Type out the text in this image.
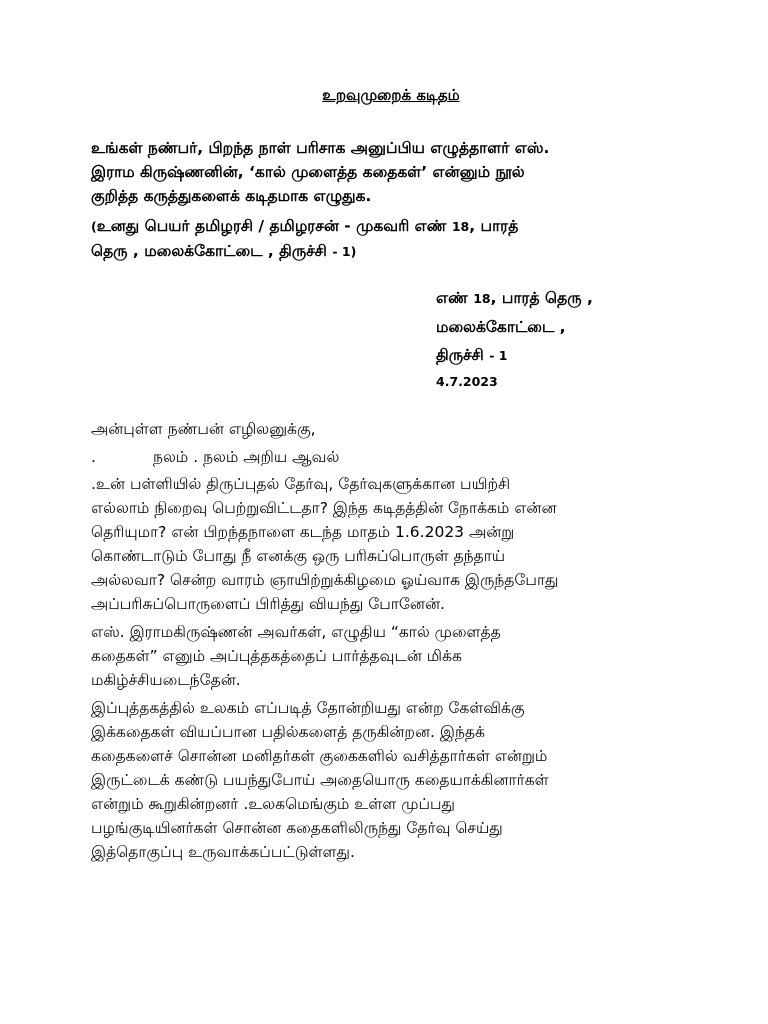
உறவுமுறைக் கடிதம்
உங்கள் நண்பர், பிறந்த நாள் பரிசாக அனுப்பிய எழுத்தாளர் எஸ்.
இராம கிருஷ்ணனின், ‘கால் முளைத்த கதைகள்’ என்னும் நூல்
குறித்த கருத்துகளைக் கடிதமாக எழுதுக.
(உனது பெயர் தமிழரசி / தமிழரசன் - முகவரி எண் 18, பாரத்
தெரு , மலைக்கோட்டை , திருச்சி - 1)
எண் 18, பாரத் தெரு ,
மலைக்கோட்டை ,
திருச்சி - 1
4.7.2023
அன்புள்ள நண்பன் எழிலனுக்கு,
.	நலம் . நலம் அறிய ஆவல்
.உன் பள்ளியில் திருப்புதல் தேர்வு, தேர்வுகளுக்கான பயிற்சி
எல்லாம் நிறைவு பெற்றுவிட்டதா? இந்த கடிதத்தின் நோக்கம் என்ன
தெரியுமா? என் பிறந்தநாளை கடந்த மாதம் 1.6.2023 அன்று
கொண்டாடும் போது நீ எனக்கு ஒரு பரிசுப்பொருள் தந்தாய்
அல்லவா? சென்ற வாரம் ஞாயிற்றுக்கிழமை ஓய்வாக இருந்தபோது
அப்பரிசுப்பொருளைப் பிரித்து வியந்து போனேன்.
எஸ். இராமகிருஷ்ணன் அவர்கள், எழுதிய “கால் முளைத்த
கதைகள்” எனும் அப்புத்தகத்தைப் பார்த்தவுடன் மிக்க
மகிழ்ச்சியடைந்தேன்.
இப்புத்தகத்தில் உலகம் எப்படித் தோன்றியது என்ற கேள்விக்கு
இக்கதைகள் வியப்பான பதில்களைத் தருகின்றன. இந்தக்
கதைகளைச் சொன்ன மனிதர்கள் குகைகளில் வசித்தார்கள் என்றும்
இருட்டைக் கண்டு பயந்துபோய் அதையொரு கதையாக்கினார்கள்
என்றும் கூறுகின்றனர் .உலகமெங்கும் உள்ள முப்பது
பழங்குடியினர்கள் சொன்ன கதைகளிலிருந்து தேர்வு செய்து
இத்தொகுப்பு உருவாக்கப்பட்டுள்ளது.
